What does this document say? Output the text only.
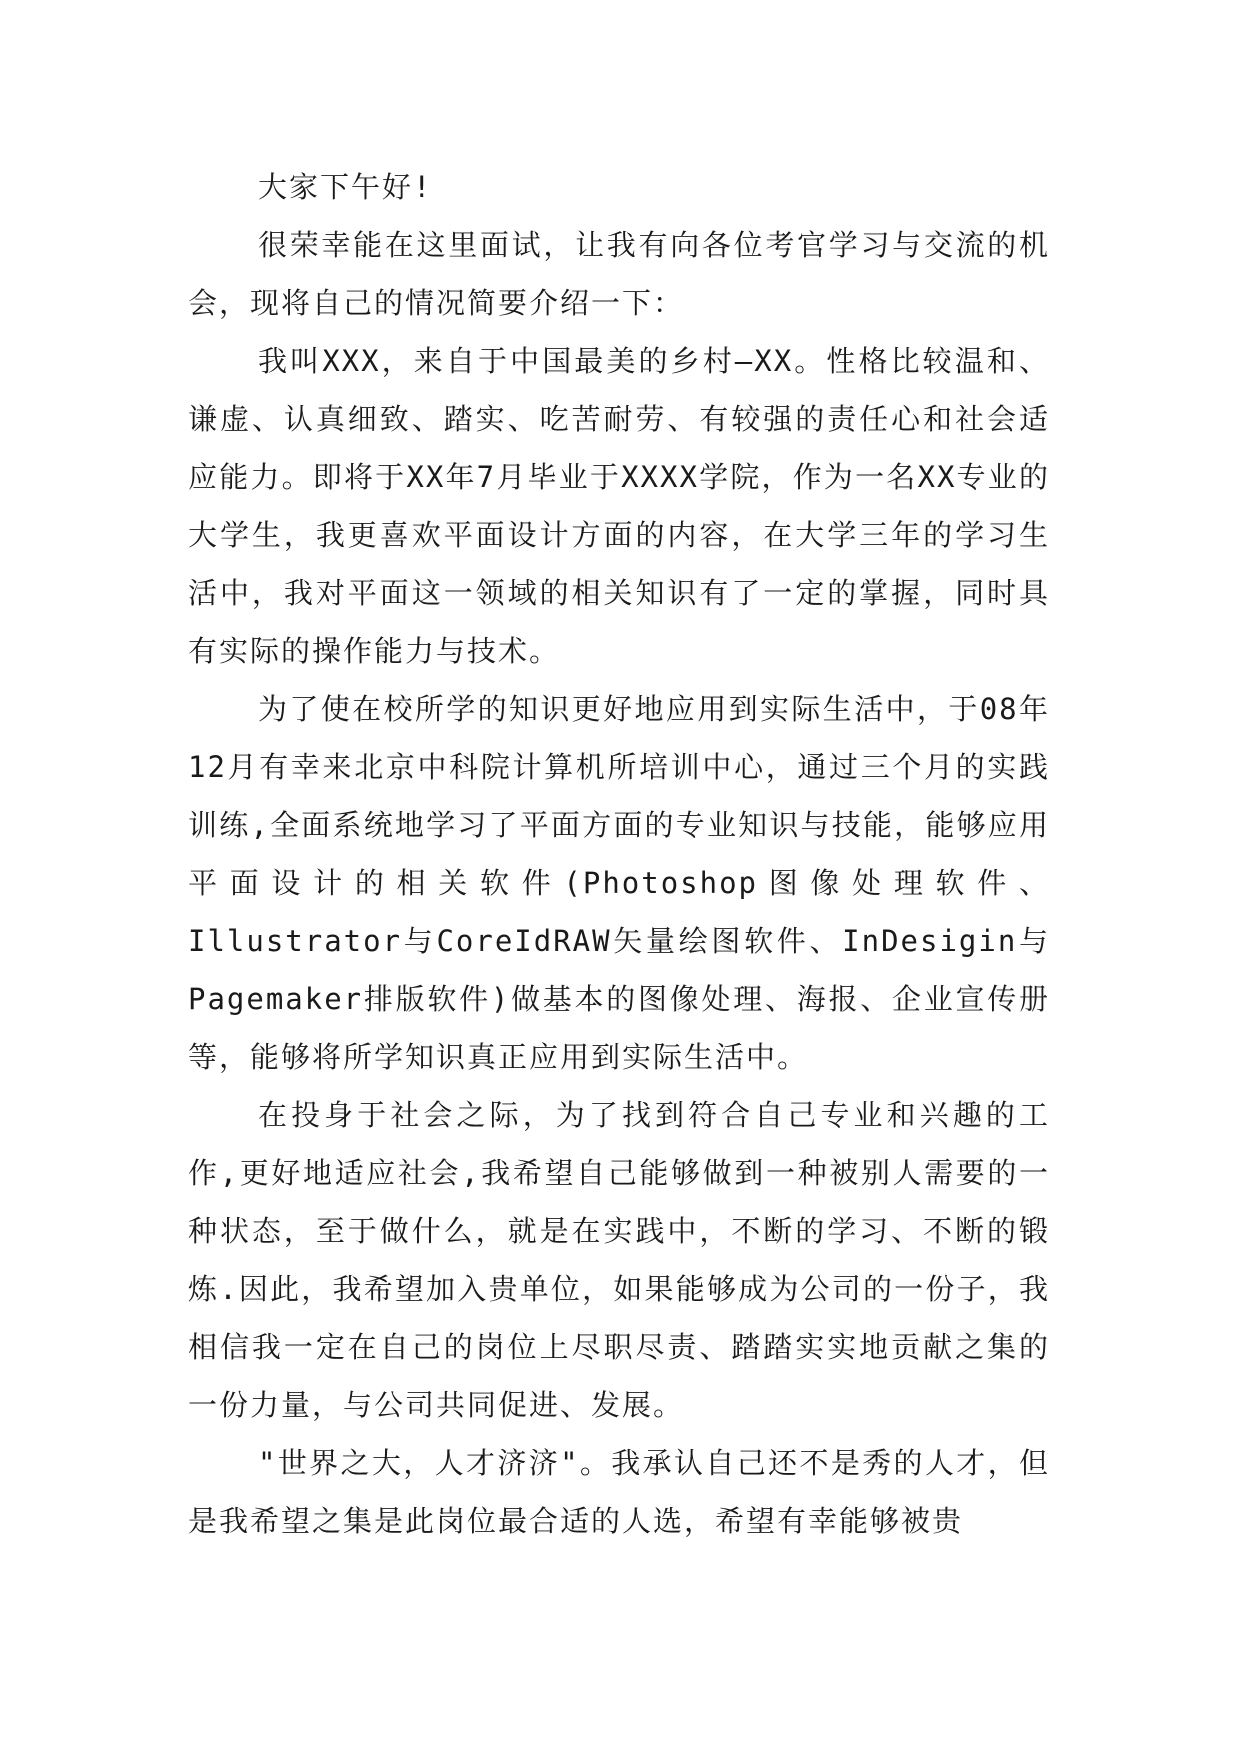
大家下午好!

很荣幸能在这里面试，让我有向各位考官学习与交流的机会，现将自己的情况简要介绍一下：

我叫XXX，来自于中国最美的乡村—XX。性格比较温和、谦虚、认真细致、踏实、吃苦耐劳、有较强的责任心和社会适应能力。即将于XX年7月毕业于XXXX学院，作为一名XX专业的大学生，我更喜欢平面设计方面的内容，在大学三年的学习生活中，我对平面这一领域的相关知识有了一定的掌握，同时具有实际的操作能力与技术。

为了使在校所学的知识更好地应用到实际生活中，于08年12月有幸来北京中科院计算机所培训中心，通过三个月的实践训练,全面系统地学习了平面方面的专业知识与技能，能够应用平面设计的相关软件(Photoshop图像处理软件、Illustrator与CoreIdRAW矢量绘图软件、InDesigin与Pagemaker排版软件)做基本的图像处理、海报、企业宣传册等，能够将所学知识真正应用到实际生活中。

在投身于社会之际，为了找到符合自己专业和兴趣的工作,更好地适应社会,我希望自己能够做到一种被别人需要的一种状态，至于做什么，就是在实践中，不断的学习、不断的锻炼.因此，我希望加入贵单位，如果能够成为公司的一份子，我相信我一定在自己的岗位上尽职尽责、踏踏实实地贡献之集的一份力量，与公司共同促进、发展。

"世界之大，人才济济"。我承认自己还不是秀的人才，但是我希望之集是此岗位最合适的人选，希望有幸能够被贵
